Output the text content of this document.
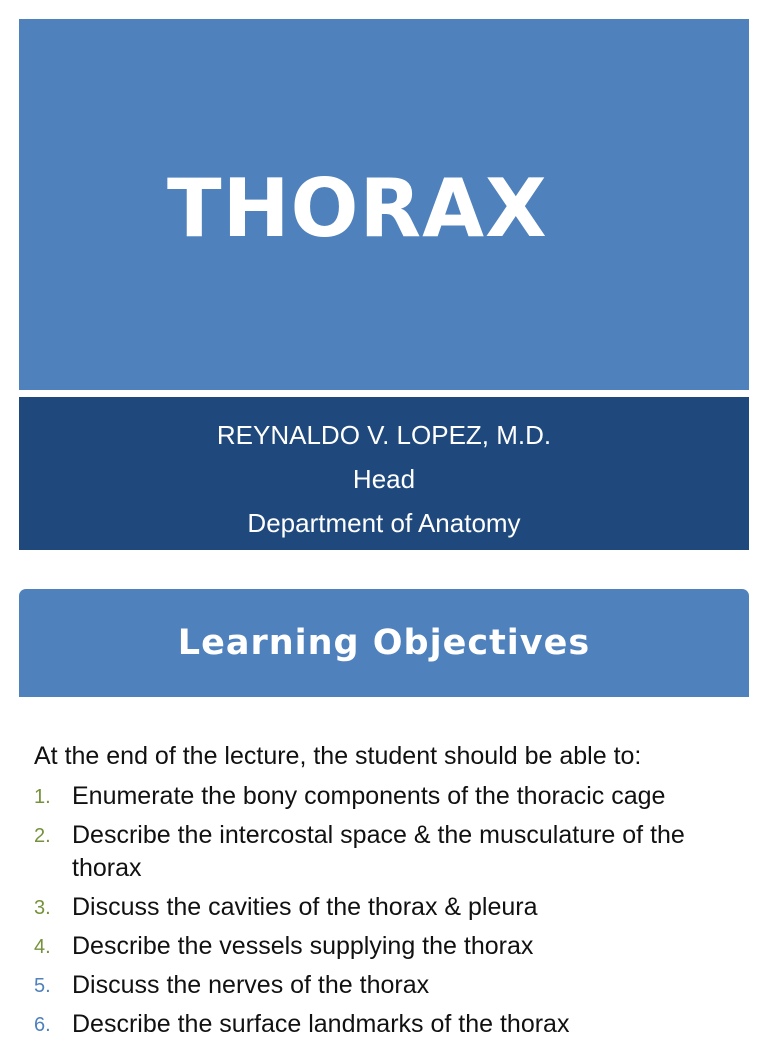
THORAX
REYNALDO V. LOPEZ, M.D.
Head
Department of Anatomy
Learning Objectives

At the end of the lecture, the student should be able to:

1. Enumerate the bony components of the thoracic cage
2. Describe the intercostal space & the musculature of the thorax
3. Discuss the cavities of the thorax & pleura
4. Describe the vessels supplying the thorax
5. Discuss the nerves of the thorax
6. Describe the surface landmarks of the thorax
